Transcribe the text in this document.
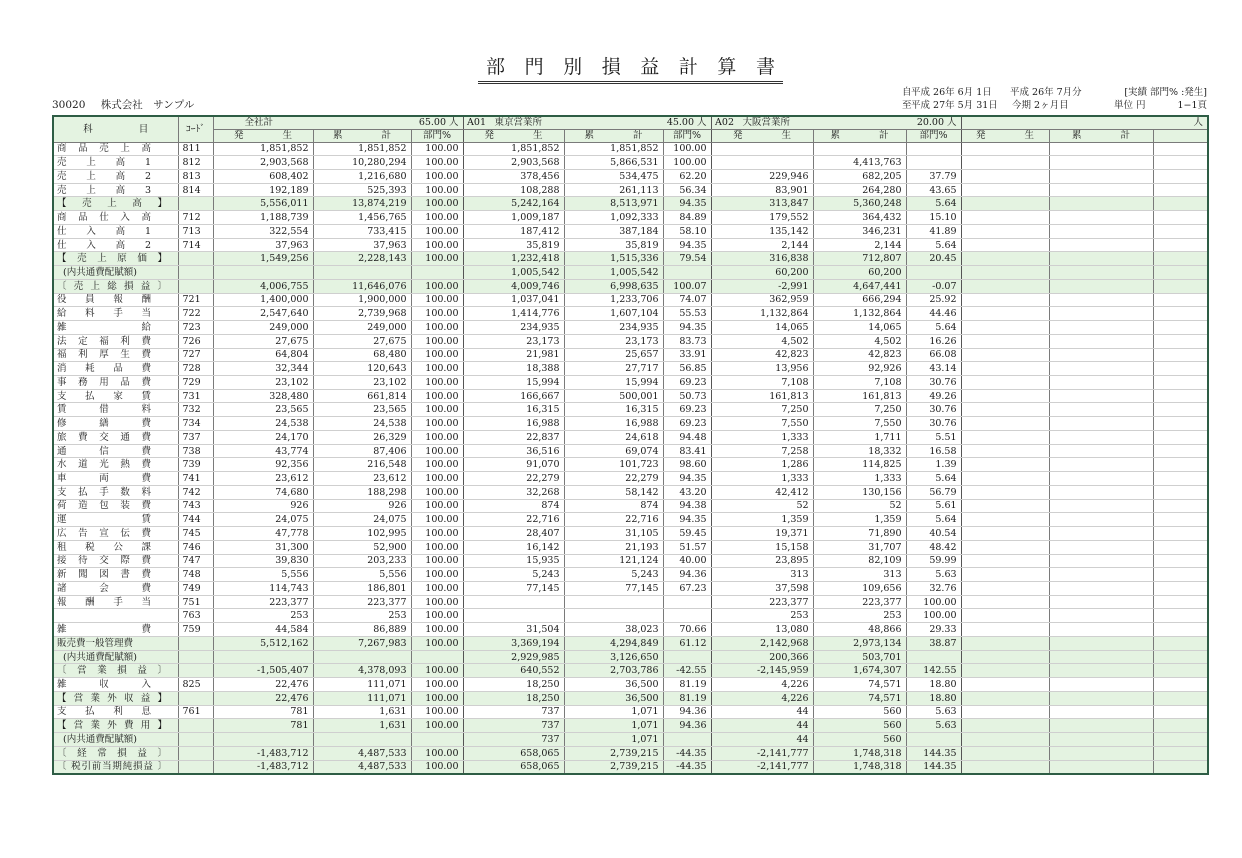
部 門 別 損 益 計 算 書
30020 株式会社　サンプル
自 平成 26年 6月 1日 平成 26年 7月分	[実績 部門% :発生]
至 平成 27年 5月 31日 今期 2ヶ月目	単位 円	1−1頁
科 目	ｺｰﾄﾞ	全社計 65.00 人			A01 東京営業所 45.00 人			A02 大阪営業所 20.00 人			人		

		発 生	累 計	部門%	発 生	累 計	部門%	発 生	累 計	部門%	発 生	累 計	
商 品 売 上 高	811	1,851,852	1,851,852	100.00	1,851,852	1,851,852	100.00						
売 上 高 1	812	2,903,568	10,280,294	100.00	2,903,568	5,866,531	100.00		4,413,763				
売 上 高 2	813	608,402	1,216,680	100.00	378,456	534,475	62.20	229,946	682,205	37.79			
売 上 高 3	814	192,189	525,393	100.00	108,288	261,113	56.34	83,901	264,280	43.65			
【 売 上 高 】		5,556,011	13,874,219	100.00	5,242,164	8,513,971	94.35	313,847	5,360,248	5.64			
商 品 仕 入 高	712	1,188,739	1,456,765	100.00	1,009,187	1,092,333	84.89	179,552	364,432	15.10			
仕 入 高 1	713	322,554	733,415	100.00	187,412	387,184	58.10	135,142	346,231	41.89			
仕 入 高 2	714	37,963	37,963	100.00	35,819	35,819	94.35	2,144	2,144	5.64			
【 売 上 原 価 】		1,549,256	2,228,143	100.00	1,232,418	1,515,336	79.54	316,838	712,807	20.45			
(内共通費配賦額)					1,005,542	1,005,542		60,200	60,200				
〔 売 上 総 損 益 〕		4,006,755	11,646,076	100.00	4,009,746	6,998,635	100.07	-2,991	4,647,441	-0.07			
役 員 報 酬	721	1,400,000	1,900,000	100.00	1,037,041	1,233,706	74.07	362,959	666,294	25.92			
給 料 手 当	722	2,547,640	2,739,968	100.00	1,414,776	1,607,104	55.53	1,132,864	1,132,864	44.46			
雑 給	723	249,000	249,000	100.00	234,935	234,935	94.35	14,065	14,065	5.64			
法 定 福 利 費	726	27,675	27,675	100.00	23,173	23,173	83.73	4,502	4,502	16.26			
福 利 厚 生 費	727	64,804	68,480	100.00	21,981	25,657	33.91	42,823	42,823	66.08			
消 耗 品 費	728	32,344	120,643	100.00	18,388	27,717	56.85	13,956	92,926	43.14			
事 務 用 品 費	729	23,102	23,102	100.00	15,994	15,994	69.23	7,108	7,108	30.76			
支 払 家 賃	731	328,480	661,814	100.00	166,667	500,001	50.73	161,813	161,813	49.26			
賃 借 料	732	23,565	23,565	100.00	16,315	16,315	69.23	7,250	7,250	30.76			
修 繕 費	734	24,538	24,538	100.00	16,988	16,988	69.23	7,550	7,550	30.76			
旅 費 交 通 費	737	24,170	26,329	100.00	22,837	24,618	94.48	1,333	1,711	5.51			
通 信 費	738	43,774	87,406	100.00	36,516	69,074	83.41	7,258	18,332	16.58			
水 道 光 熱 費	739	92,356	216,548	100.00	91,070	101,723	98.60	1,286	114,825	1.39			
車 両 費	741	23,612	23,612	100.00	22,279	22,279	94.35	1,333	1,333	5.64			
支 払 手 数 料	742	74,680	188,298	100.00	32,268	58,142	43.20	42,412	130,156	56.79			
荷 造 包 装 費	743	926	926	100.00	874	874	94.38	52	52	5.61			
運 賃	744	24,075	24,075	100.00	22,716	22,716	94.35	1,359	1,359	5.64			
広 告 宣 伝 費	745	47,778	102,995	100.00	28,407	31,105	59.45	19,371	71,890	40.54			
租 税 公 課	746	31,300	52,900	100.00	16,142	21,193	51.57	15,158	31,707	48.42			
接 待 交 際 費	747	39,830	203,233	100.00	15,935	121,124	40.00	23,895	82,109	59.99			
新 聞 図 書 費	748	5,556	5,556	100.00	5,243	5,243	94.36	313	313	5.63			
諸 会 費	749	114,743	186,801	100.00	77,145	77,145	67.23	37,598	109,656	32.76			
報 酬 手 当	751	223,377	223,377	100.00				223,377	223,377	100.00			
	763	253	253	100.00				253	253	100.00			
雑 費	759	44,584	86,889	100.00	31,504	38,023	70.66	13,080	48,866	29.33			
販売費一般管理費		5,512,162	7,267,983	100.00	3,369,194	4,294,849	61.12	2,142,968	2,973,134	38.87			
(内共通費配賦額)					2,929,985	3,126,650		200,366	503,701				
〔 営 業 損 益 〕		-1,505,407	4,378,093	100.00	640,552	2,703,786	-42.55	-2,145,959	1,674,307	142.55			
雑 収 入	825	22,476	111,071	100.00	18,250	36,500	81.19	4,226	74,571	18.80			
【 営 業 外 収 益 】		22,476	111,071	100.00	18,250	36,500	81.19	4,226	74,571	18.80			
支 払 利 息	761	781	1,631	100.00	737	1,071	94.36	44	560	5.63			
【 営 業 外 費 用 】		781	1,631	100.00	737	1,071	94.36	44	560	5.63			
(内共通費配賦額)					737	1,071		44	560				
〔 経 常 損 益 〕		-1,483,712	4,487,533	100.00	658,065	2,739,215	-44.35	-2,141,777	1,748,318	144.35			
〔 税引前当期純損益 〕		-1,483,712	4,487,533	100.00	658,065	2,739,215	-44.35	-2,141,777	1,748,318	144.35			
